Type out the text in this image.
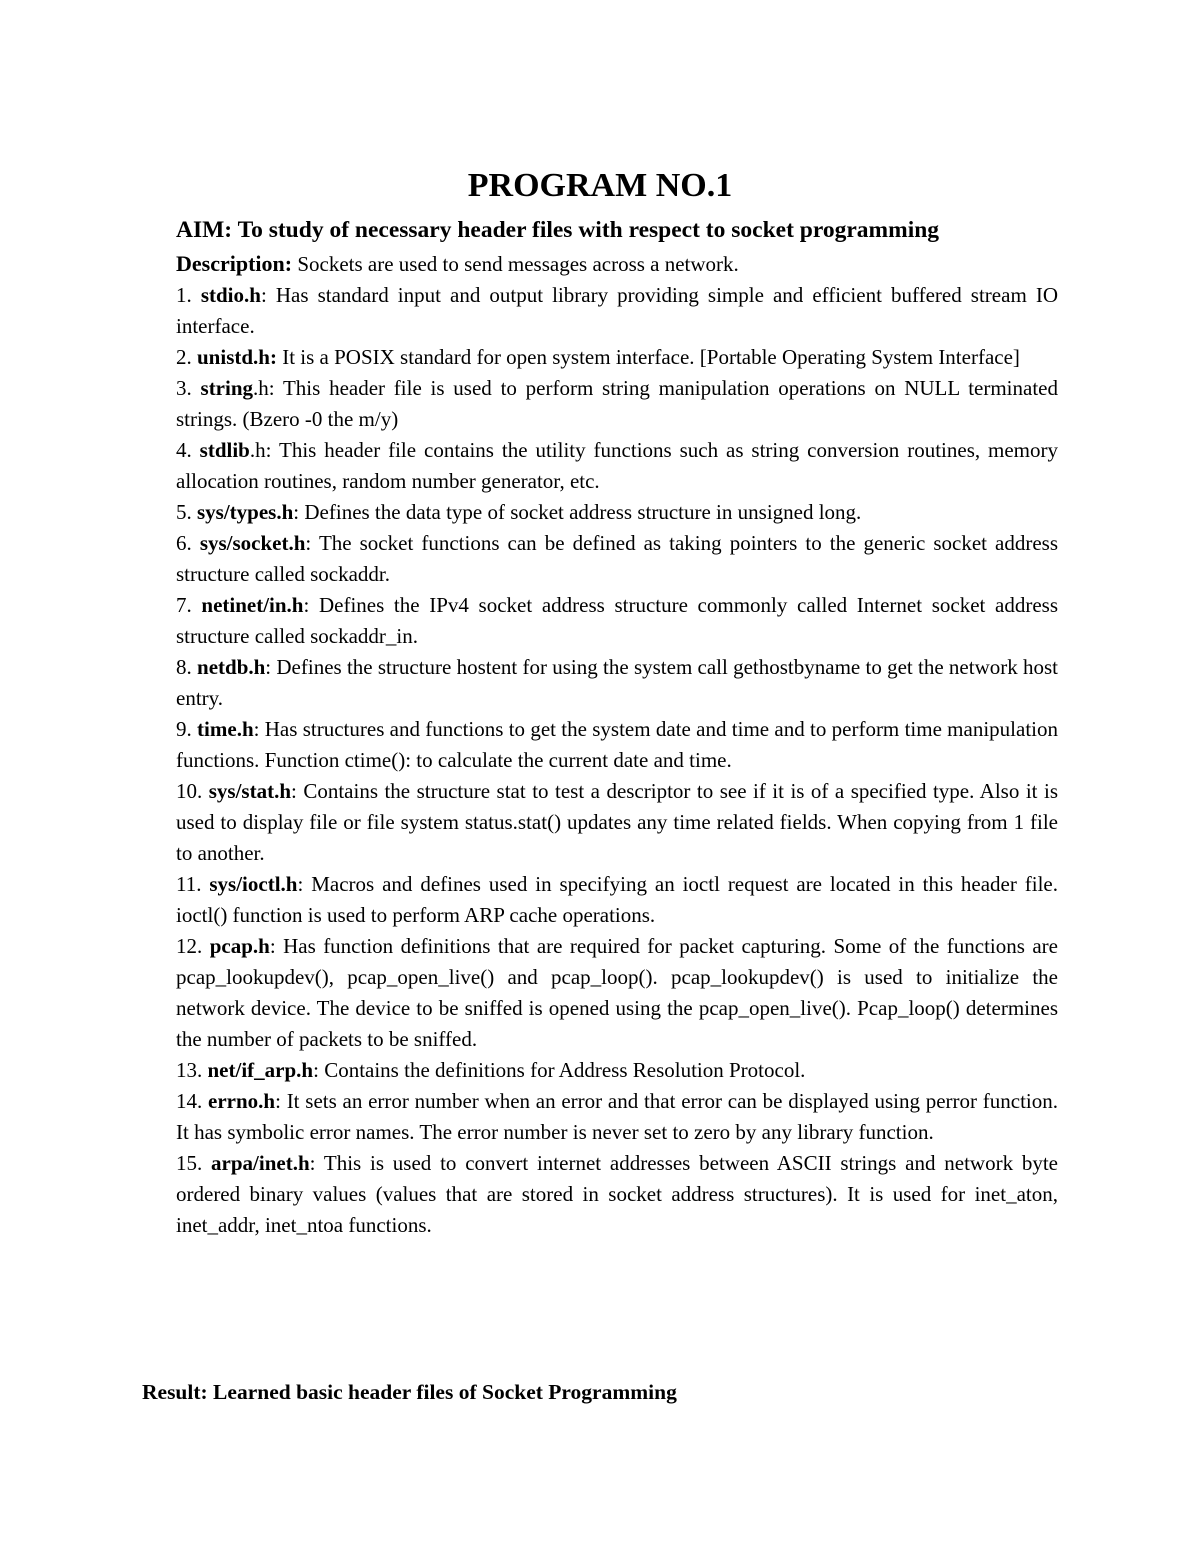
PROGRAM NO.1

AIM: To study of necessary header files with respect to socket programming

Description: Sockets are used to send messages across a network.

1. stdio.h: Has standard input and output library providing simple and efficient buffered stream IO interface.

2. unistd.h: It is a POSIX standard for open system interface. [Portable Operating System Interface]

3. string.h: This header file is used to perform string manipulation operations on NULL terminated strings. (Bzero -0 the m/y)

4. stdlib.h: This header file contains the utility functions such as string conversion routines, memory allocation routines, random number generator, etc.

5. sys/types.h: Defines the data type of socket address structure in unsigned long.

6. sys/socket.h: The socket functions can be defined as taking pointers to the generic socket address structure called sockaddr.

7. netinet/in.h: Defines the IPv4 socket address structure commonly called Internet socket address structure called sockaddr_in.

8. netdb.h: Defines the structure hostent for using the system call gethostbyname to get the network host entry.

9. time.h: Has structures and functions to get the system date and time and to perform time manipulation functions. Function ctime(): to calculate the current date and time.

10. sys/stat.h: Contains the structure stat to test a descriptor to see if it is of a specified type. Also it is used to display file or file system status.stat() updates any time related fields. When copying from 1 file to another.

11. sys/ioctl.h: Macros and defines used in specifying an ioctl request are located in this header file. ioctl() function is used to perform ARP cache operations.

12. pcap.h: Has function definitions that are required for packet capturing. Some of the functions are pcap_lookupdev(), pcap_open_live() and pcap_loop(). pcap_lookupdev() is used to initialize the network device. The device to be sniffed is opened using the pcap_open_live(). Pcap_loop() determines the number of packets to be sniffed.

13. net/if_arp.h: Contains the definitions for Address Resolution Protocol.

14. errno.h: It sets an error number when an error and that error can be displayed using perror function. It has symbolic error names. The error number is never set to zero by any library function.

15. arpa/inet.h: This is used to convert internet addresses between ASCII strings and network byte ordered binary values (values that are stored in socket address structures). It is used for inet_aton, inet_addr, inet_ntoa functions.

Result: Learned basic header files of Socket Programming
